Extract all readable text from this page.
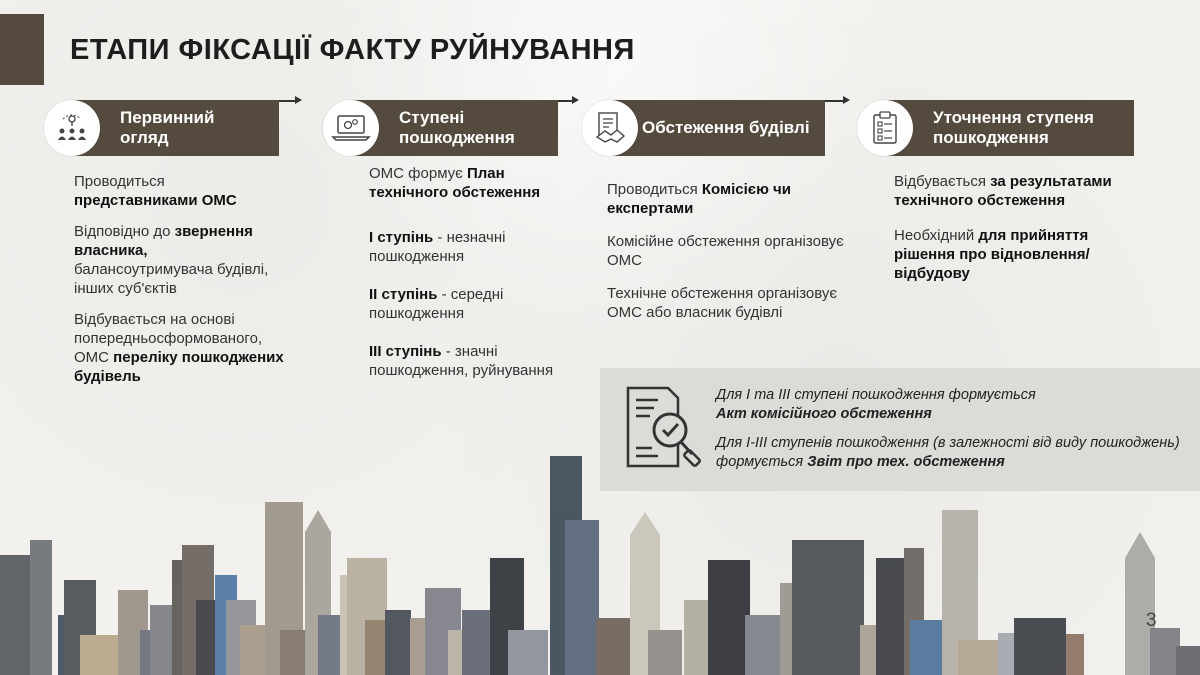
ЕТАПИ ФІКСАЦІЇ ФАКТУ РУЙНУВАННЯ
Первинний огляд
Ступені пошкодження
Обстеження будівлі
Уточнення ступеня пошкодження

Проводиться представниками ОМС

Відповідно до звернення власника, балансоутримувача будівлі, інших суб'єктів

Відбувається на основі попередньосформованого, ОМС переліку пошкоджених будівель

ОМС формує План технічного обстеження

І ступінь - незначні пошкодження

ІІ ступінь - середні пошкодження

ІІІ ступінь - значні пошкодження, руйнування

Проводиться Комісією чи експертами

Комісійне обстеження організовує ОМС

Технічне обстеження організовує ОМС або власник будівлі

Відбувається за результатами технічного обстеження

Необхідний для прийняття рішення про відновлення/відбудову

Для І та ІІІ ступені пошкодження формується
Акт комісійного обстеження

Для І-ІІІ ступенів пошкодження (в залежності від виду пошкоджень) формується Звіт про тех. обстеження

3
